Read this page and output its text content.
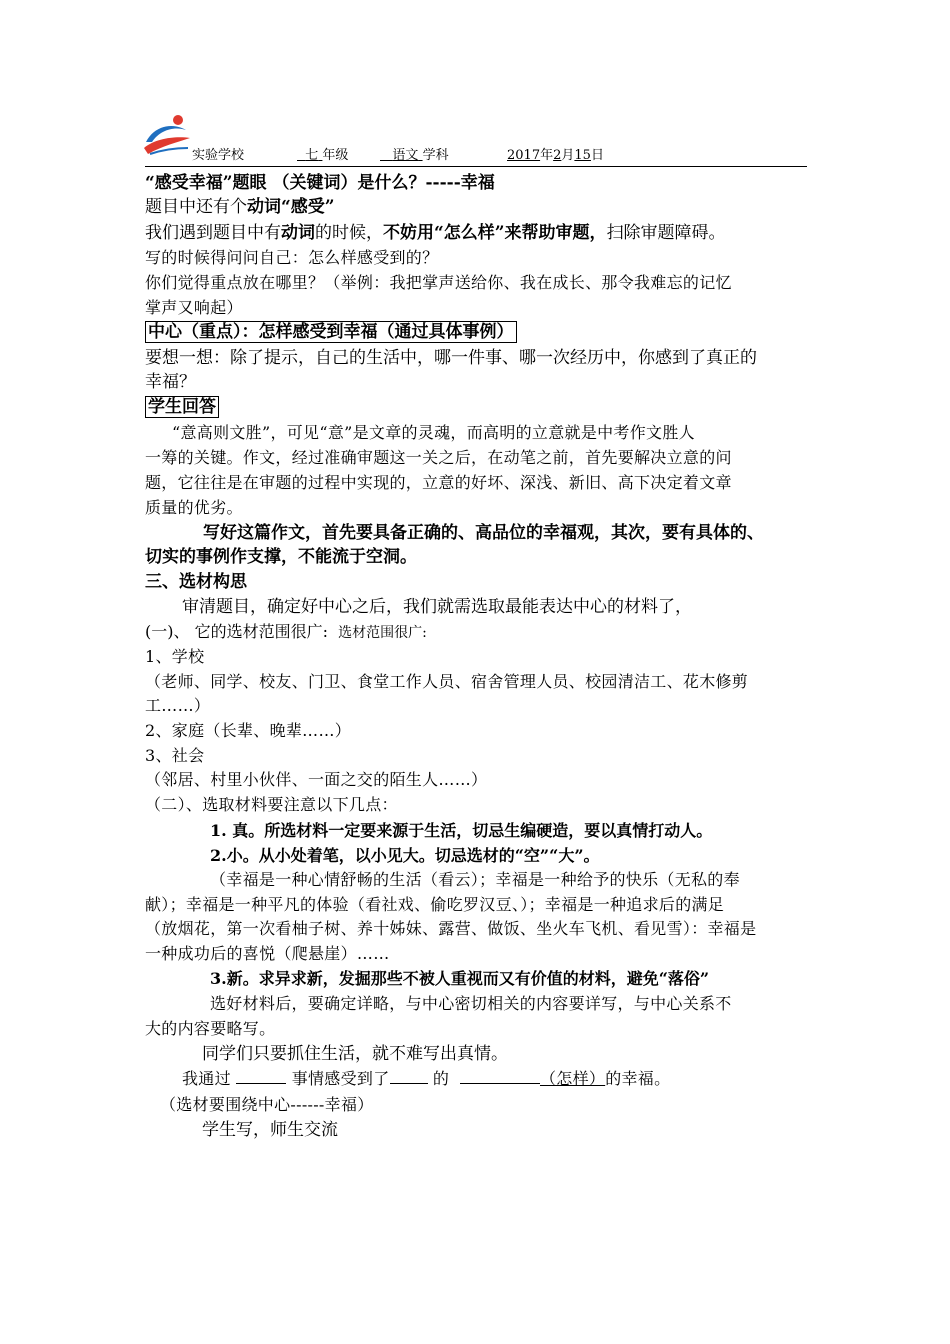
实验学校	七 年级	语文 学科	2017年2月15日
“感受幸福”题眼 （关键词）是什么？-----幸福
题目中还有个动词“感受”
我们遇到题目中有动词的时候，不妨用“怎么样”来帮助审题，扫除审题障碍。
写的时候得问问自己：怎么样感受到的？
你们觉得重点放在哪里？（举例：我把掌声送给你、我在成长、那令我难忘的记忆
掌声又响起）
中心（重点）：怎样感受到幸福（通过具体事例）
要想一想：除了提示，自己的生活中，哪一件事、哪一次经历中，你感到了真正的
幸福？
学生回答
“意高则文胜”，可见“意”是文章的灵魂，而高明的立意就是中考作文胜人
一筹的关键。作文，经过准确审题这一关之后，在动笔之前，首先要解决立意的问
题，它往往是在审题的过程中实现的，立意的好坏、深浅、新旧、高下决定着文章
质量的优劣。
写好这篇作文，首先要具备正确的、高品位的幸福观，其次，要有具体的、
切实的事例作支撑，不能流于空洞。
三、选材构思
审清题目，确定好中心之后，我们就需选取最能表达中心的材料了，
(一)、 它的选材范围很广: 选材范围很广:
1、学校
（老师、同学、校友、门卫、食堂工作人员、宿舍管理人员、校园清洁工、花木修剪
工……）
2、家庭（长辈、晚辈……）
3、社会
（邻居、村里小伙伴、一面之交的陌生人……）
（二）、选取材料要注意以下几点：
1. 真。所选材料一定要来源于生活，切忌生编硬造，要以真情打动人。
2.小。从小处着笔，以小见大。切忌选材的“空”“大”。
（幸福是一种心情舒畅的生活（看云）；幸福是一种给予的快乐（无私的奉
献）；幸福是一种平凡的体验（看社戏、偷吃罗汉豆、）；幸福是一种追求后的满足
（放烟花，第一次看柚子树、养十姊妹、露营、做饭、坐火车飞机、看见雪）：幸福是
一种成功后的喜悦（爬悬崖）……
3.新。求异求新，发掘那些不被人重视而又有价值的材料，避免“落俗”
选好材料后，要确定详略，与中心密切相关的内容要详写，与中心关系不
大的内容要略写。
同学们只要抓住生活，就不难写出真情。
我通过	事情感受到了	的	（怎样）的幸福。
（选材要围绕中心------幸福）
学生写，师生交流
